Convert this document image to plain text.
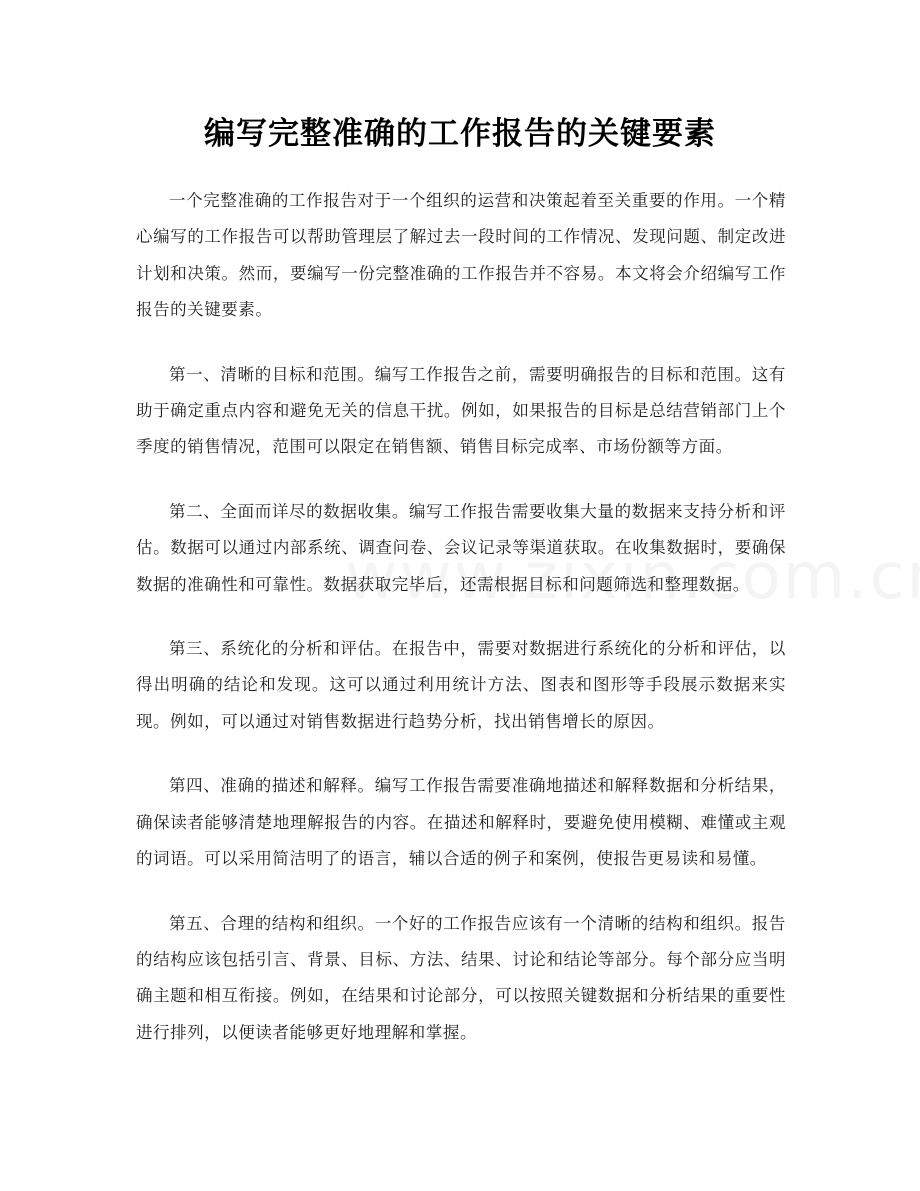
编写完整准确的工作报告的关键要素

一个完整准确的工作报告对于一个组织的运营和决策起着至关重要的作用。一个精心编写的工作报告可以帮助管理层了解过去一段时间的工作情况、发现问题、制定改进计划和决策。然而，要编写一份完整准确的工作报告并不容易。本文将会介绍编写工作报告的关键要素。

第一、清晰的目标和范围。编写工作报告之前，需要明确报告的目标和范围。这有助于确定重点内容和避免无关的信息干扰。例如，如果报告的目标是总结营销部门上个季度的销售情况，范围可以限定在销售额、销售目标完成率、市场份额等方面。

第二、全面而详尽的数据收集。编写工作报告需要收集大量的数据来支持分析和评估。数据可以通过内部系统、调查问卷、会议记录等渠道获取。在收集数据时，要确保数据的准确性和可靠性。数据获取完毕后，还需根据目标和问题筛选和整理数据。

第三、系统化的分析和评估。在报告中，需要对数据进行系统化的分析和评估，以得出明确的结论和发现。这可以通过利用统计方法、图表和图形等手段展示数据来实现。例如，可以通过对销售数据进行趋势分析，找出销售增长的原因。

第四、准确的描述和解释。编写工作报告需要准确地描述和解释数据和分析结果，确保读者能够清楚地理解报告的内容。在描述和解释时，要避免使用模糊、难懂或主观的词语。可以采用简洁明了的语言，辅以合适的例子和案例，使报告更易读和易懂。

第五、合理的结构和组织。一个好的工作报告应该有一个清晰的结构和组织。报告的结构应该包括引言、背景、目标、方法、结果、讨论和结论等部分。每个部分应当明确主题和相互衔接。例如，在结果和讨论部分，可以按照关键数据和分析结果的重要性进行排列，以便读者能够更好地理解和掌握。
